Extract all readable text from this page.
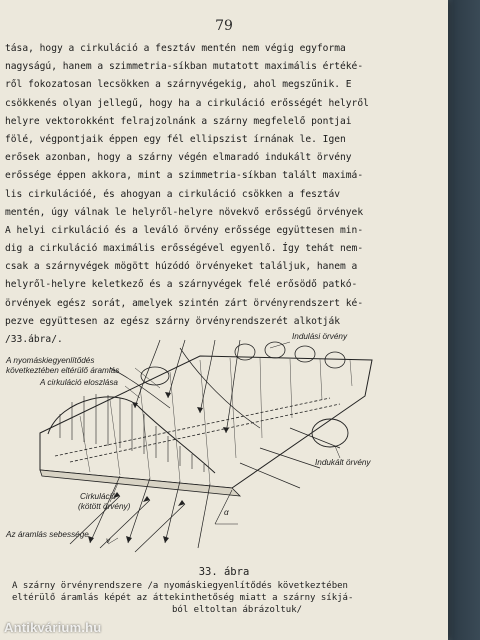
79
tása, hogy a cirkuláció a fesztáv mentén nem végig egyforma
nagyságú, hanem a szimmetria-síkban mutatott maximális értéké-
ről fokozatosan lecsökken a szárnyvégekig, ahol megszűnik. E
csökkenés olyan jellegű, hogy ha a cirkuláció erősségét helyről
helyre vektorokként felrajzolnánk a szárny megfelelő pontjai
fölé, végpontjaik éppen egy fél ellipszist írnának le. Igen
erősek azonban, hogy a szárny végén elmaradó indukált örvény
erőssége éppen akkora, mint a szimmetria-síkban talált maximá-
lis cirkulációé, és ahogyan a cirkuláció csökken a fesztáv
mentén, úgy válnak le helyről-helyre növekvő erősségű örvények
A helyi cirkuláció és a leváló örvény erőssége együttesen min-
dig a cirkuláció maximális erősségével egyenlő. Így tehát nem-
csak a szárnyvégek mögött húzódó örvényeket találjuk, hanem a
helyről-helyre keletkező és a szárnyvégek felé erősödő patkó-
örvények egész sorát, amelyek szintén zárt örvényrendszert ké-
pezve együttesen az egész szárny örvényrendszerét alkotják
/33.ábra/.	Indulási örvény
A nyomáskiegyenlítődés
következtében eltérülő áramlás
A cirkuláció eloszlása
Indukált örvény
Cirkuláció
(kötött örvény)
Az áramlás sebessége
v
α
33. ábra
A szárny örvényrendszere /a nyomáskiegyenlítődés következtében
eltérülő áramlás képét az áttekinthetőség miatt a szárny síkjá-
ból eltoltan ábrázoltuk/
Antikvárium.hu
